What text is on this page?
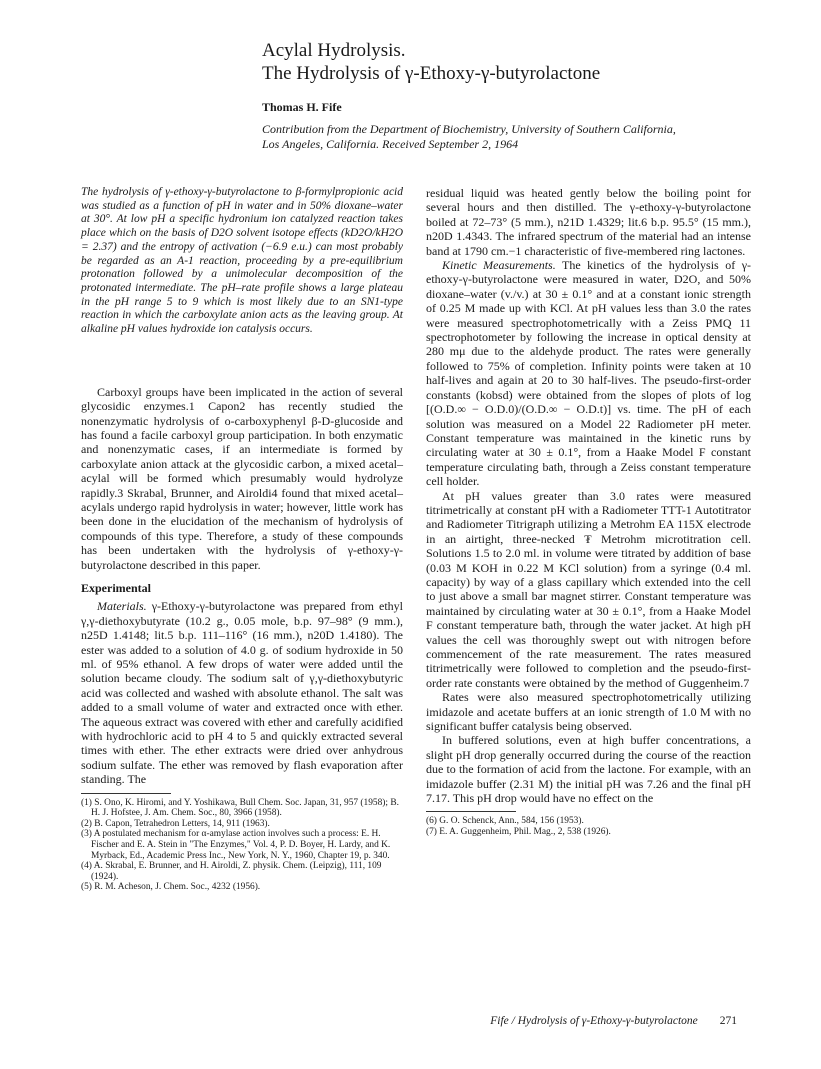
Acylal Hydrolysis.
The Hydrolysis of γ-Ethoxy-γ-butyrolactone
Thomas H. Fife
Contribution from the Department of Biochemistry, University of Southern California,
Los Angeles, California. Received September 2, 1964
The hydrolysis of γ-ethoxy-γ-butyrolactone to β-formylpropionic acid was studied as a function of pH in water and in 50% dioxane–water at 30°. At low pH a specific hydronium ion catalyzed reaction takes place which on the basis of D2O solvent isotope effects (kD2O/kH2O = 2.37) and the entropy of activation (−6.9 e.u.) can most probably be regarded as an A-1 reaction, proceeding by a pre-equilibrium protonation followed by a unimolecular decomposition of the protonated intermediate. The pH–rate profile shows a large plateau in the pH range 5 to 9 which is most likely due to an SN1-type reaction in which the carboxylate anion acts as the leaving group. At alkaline pH values hydroxide ion catalysis occurs.

Carboxyl groups have been implicated in the action of several glycosidic enzymes.1 Capon2 has recently studied the nonenzymatic hydrolysis of o-carboxyphenyl β-D-glucoside and has found a facile carboxyl group participation. In both enzymatic and nonenzymatic cases, if an intermediate is formed by carboxylate anion attack at the glycosidic carbon, a mixed acetal–acylal will be formed which presumably would hydrolyze rapidly.3 Skrabal, Brunner, and Airoldi4 found that mixed acetal–acylals undergo rapid hydrolysis in water; however, little work has been done in the elucidation of the mechanism of hydrolysis of compounds of this type. Therefore, a study of these compounds has been undertaken with the hydrolysis of γ-ethoxy-γ-butyrolactone described in this paper.

Experimental

Materials. γ-Ethoxy-γ-butyrolactone was prepared from ethyl γ,γ-diethoxybutyrate (10.2 g., 0.05 mole, b.p. 97–98° (9 mm.), n25D 1.4148; lit.5 b.p. 111–116° (16 mm.), n20D 1.4180). The ester was added to a solution of 4.0 g. of sodium hydroxide in 50 ml. of 95% ethanol. A few drops of water were added until the solution became cloudy. The sodium salt of γ,γ-diethoxybutyric acid was collected and washed with absolute ethanol. The salt was added to a small volume of water and extracted once with ether. The aqueous extract was covered with ether and carefully acidified with hydrochloric acid to pH 4 to 5 and quickly extracted several times with ether. The ether extracts were dried over anhydrous sodium sulfate. The ether was removed by flash evaporation after standing. The

(1) S. Ono, K. Hiromi, and Y. Yoshikawa, Bull Chem. Soc. Japan, 31, 957 (1958); B. H. J. Hofstee, J. Am. Chem. Soc., 80, 3966 (1958).

(2) B. Capon, Tetrahedron Letters, 14, 911 (1963).

(3) A postulated mechanism for α-amylase action involves such a process: E. H. Fischer and E. A. Stein in "The Enzymes," Vol. 4, P. D. Boyer, H. Lardy, and K. Myrback, Ed., Academic Press Inc., New York, N. Y., 1960, Chapter 19, p. 340.

(4) A. Skrabal, E. Brunner, and H. Airoldi, Z. physik. Chem. (Leipzig), 111, 109 (1924).

(5) R. M. Acheson, J. Chem. Soc., 4232 (1956).

residual liquid was heated gently below the boiling point for several hours and then distilled. The γ-ethoxy-γ-butyrolactone boiled at 72–73° (5 mm.), n21D 1.4329; lit.6 b.p. 95.5° (15 mm.), n20D 1.4343. The infrared spectrum of the material had an intense band at 1790 cm.−1 characteristic of five-membered ring lactones.

Kinetic Measurements. The kinetics of the hydrolysis of γ-ethoxy-γ-butyrolactone were measured in water, D2O, and 50% dioxane–water (v./v.) at 30 ± 0.1° and at a constant ionic strength of 0.25 M made up with KCl. At pH values less than 3.0 the rates were measured spectrophotometrically with a Zeiss PMQ 11 spectrophotometer by following the increase in optical density at 280 mμ due to the aldehyde product. The rates were generally followed to 75% of completion. Infinity points were taken at 10 half-lives and again at 20 to 30 half-lives. The pseudo-first-order constants (kobsd) were obtained from the slopes of plots of log [(O.D.∞ − O.D.0)/(O.D.∞ − O.D.t)] vs. time. The pH of each solution was measured on a Model 22 Radiometer pH meter. Constant temperature was maintained in the kinetic runs by circulating water at 30 ± 0.1°, from a Haake Model F constant temperature circulating bath, through a Zeiss constant temperature cell holder.

At pH values greater than 3.0 rates were measured titrimetrically at constant pH with a Radiometer TTT-1 Autotitrator and Radiometer Titrigraph utilizing a Metrohm EA 115X electrode in an airtight, three-necked ₮ Metrohm microtitration cell. Solutions 1.5 to 2.0 ml. in volume were titrated by addition of base (0.03 M KOH in 0.22 M KCl solution) from a syringe (0.4 ml. capacity) by way of a glass capillary which extended into the cell to just above a small bar magnet stirrer. Constant temperature was maintained by circulating water at 30 ± 0.1°, from a Haake Model F constant temperature bath, through the water jacket. At high pH values the cell was thoroughly swept out with nitrogen before commencement of the rate measurement. The rates measured titrimetrically were followed to completion and the pseudo-first-order rate constants were obtained by the method of Guggenheim.7

Rates were also measured spectrophotometrically utilizing imidazole and acetate buffers at an ionic strength of 1.0 M with no significant buffer catalysis being observed.

In buffered solutions, even at high buffer concentrations, a slight pH drop generally occurred during the course of the reaction due to the formation of acid from the lactone. For example, with an imidazole buffer (2.31 M) the initial pH was 7.26 and the final pH 7.17. This pH drop would have no effect on the

(6) G. O. Schenck, Ann., 584, 156 (1953).

(7) E. A. Guggenheim, Phil. Mag., 2, 538 (1926).

Fife / Hydrolysis of γ-Ethoxy-γ-butyrolactone 271
